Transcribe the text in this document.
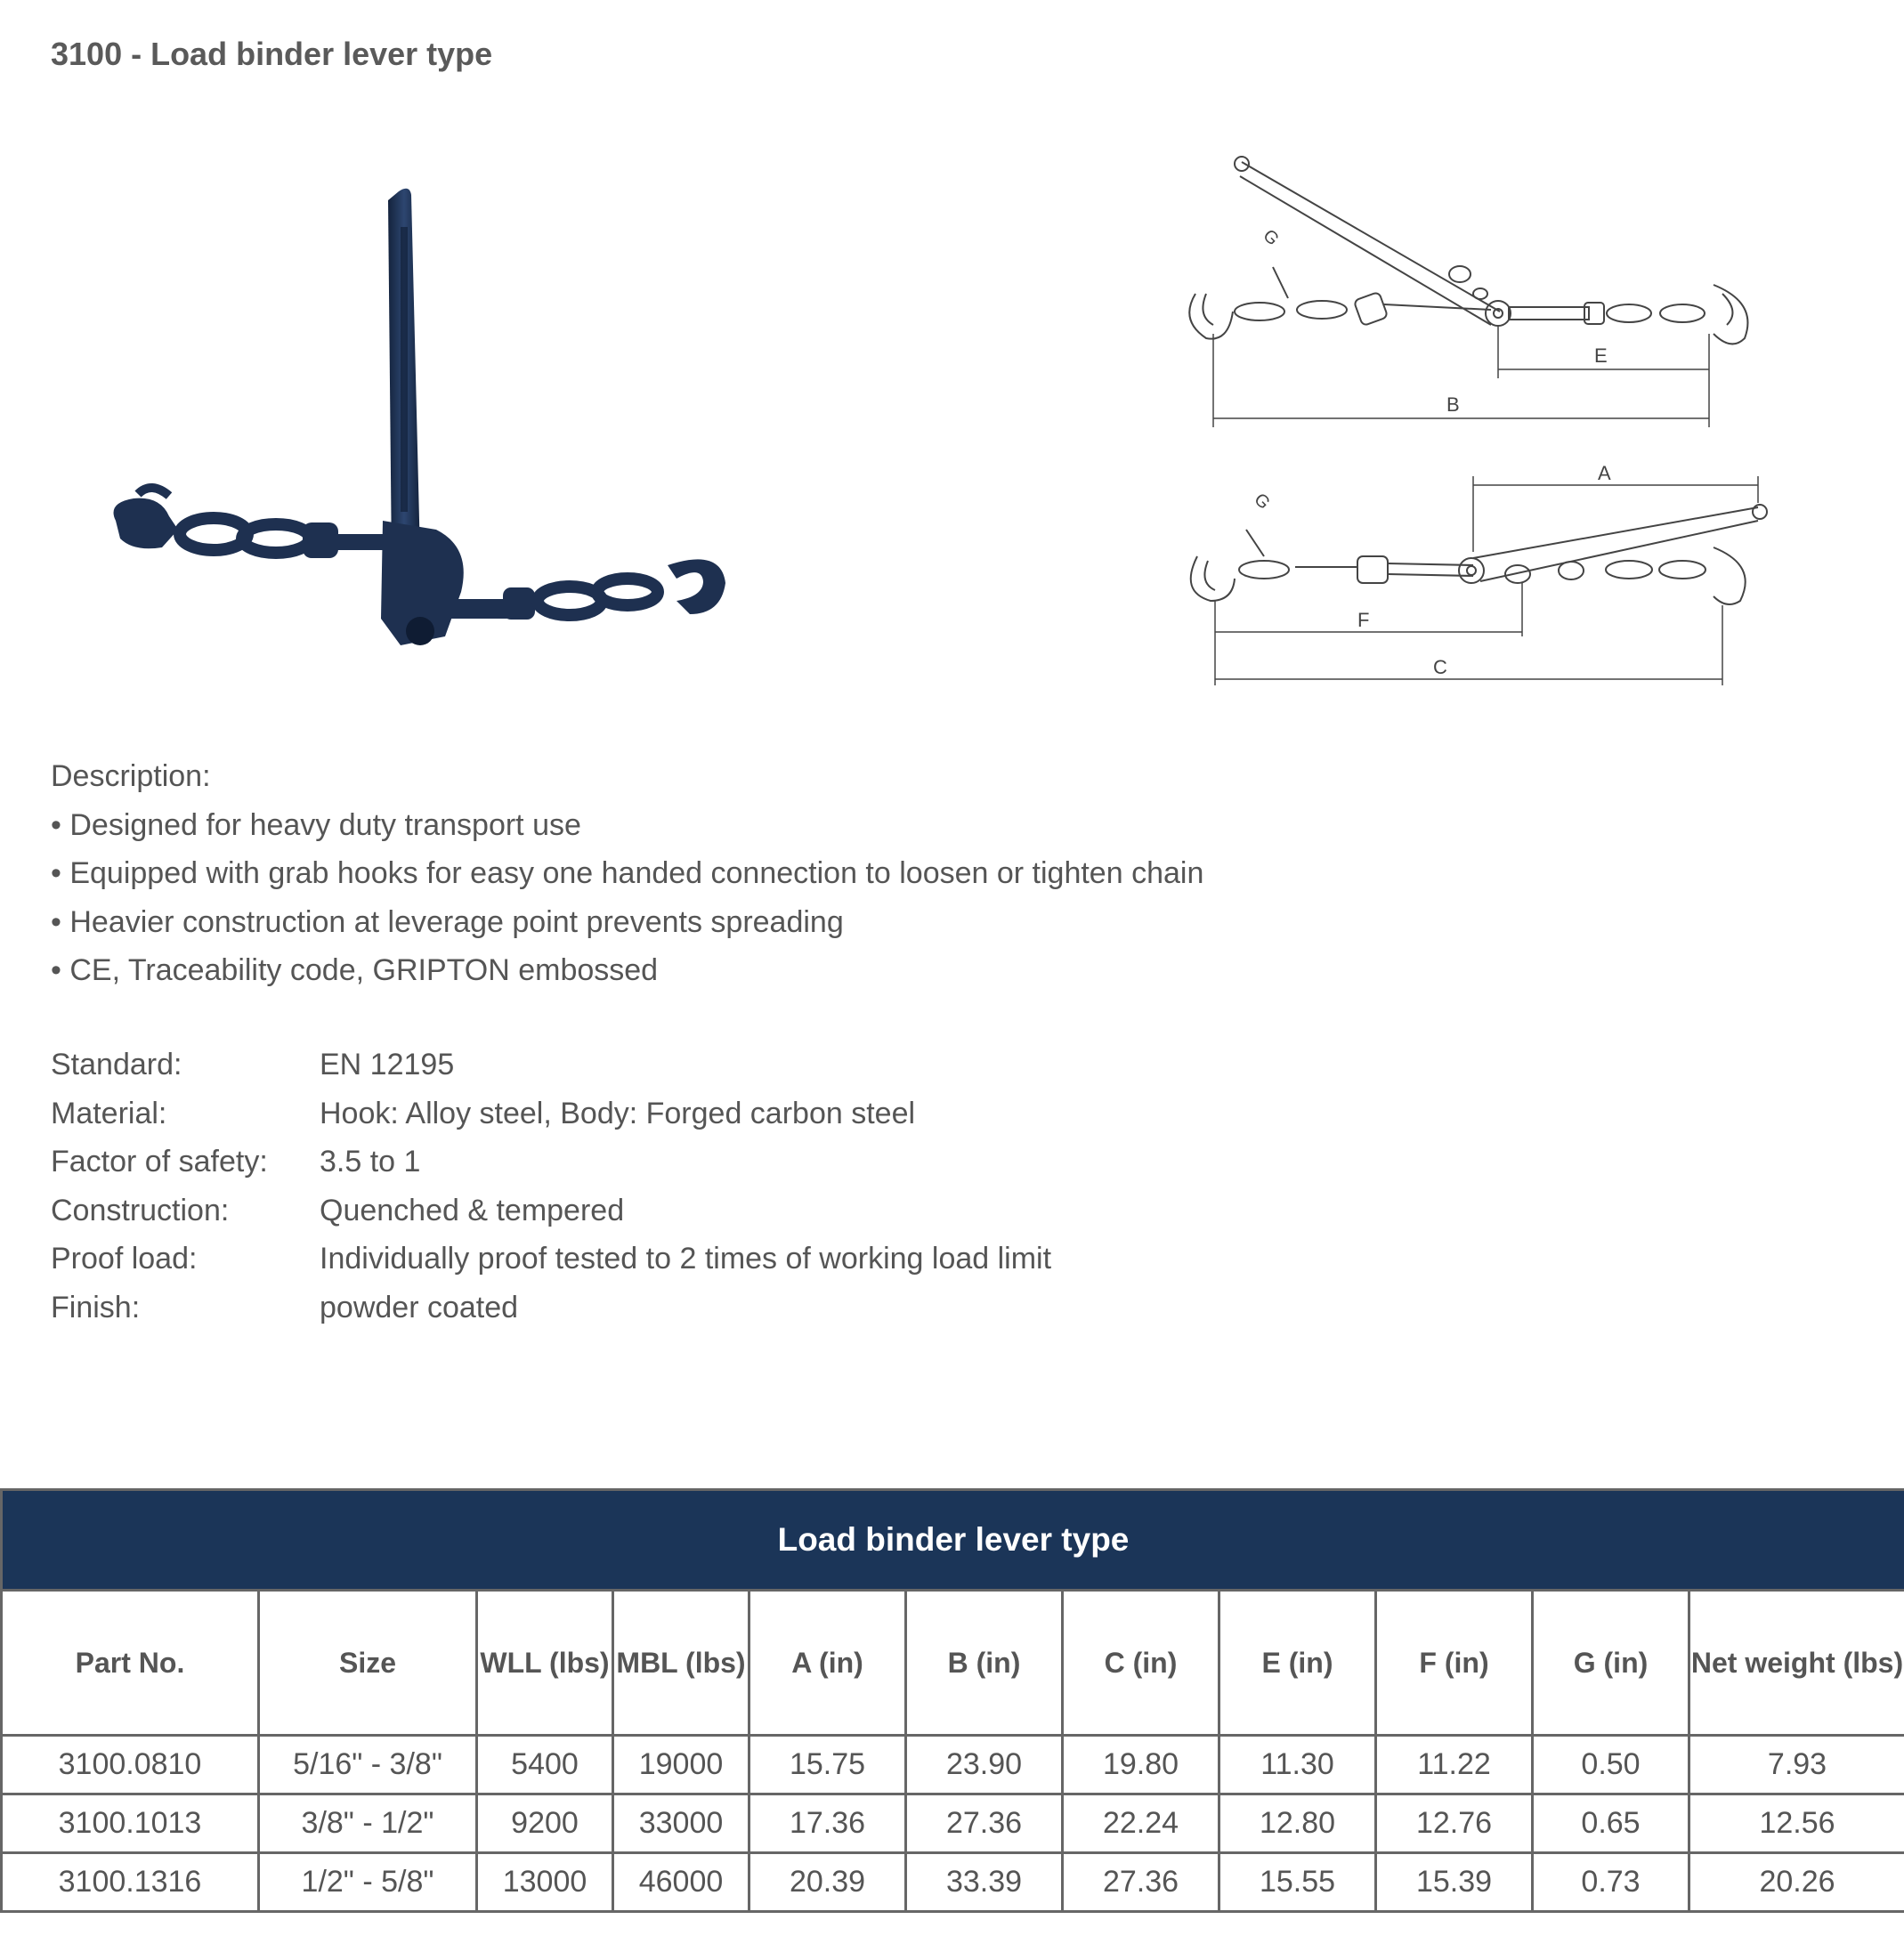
3100 - Load binder lever type
E
B
G
A
F
C
G
Description:
• Designed for heavy duty transport use
• Equipped with grab hooks for easy one handed connection to loosen or tighten chain
• Heavier construction at leverage point prevents spreading
• CE, Traceability code, GRIPTON embossed
Standard:	EN 12195
Material:	Hook: Alloy steel, Body: Forged carbon steel
Factor of safety:	3.5 to 1
Construction:	Quenched & tempered
Proof load:	Individually proof tested to 2 times of working load limit
Finish:	powder coated
Load binder lever type										
Part No.	Size	WLL (lbs)	MBL (lbs)	A (in)	B (in)	C (in)	E (in)	F (in)	G (in)	Net weight (lbs)
3100.0810	5/16" - 3/8"	5400	19000	15.75	23.90	19.80	11.30	11.22	0.50	7.93
3100.1013	3/8" - 1/2"	9200	33000	17.36	27.36	22.24	12.80	12.76	0.65	12.56
3100.1316	1/2" - 5/8"	13000	46000	20.39	33.39	27.36	15.55	15.39	0.73	20.26
